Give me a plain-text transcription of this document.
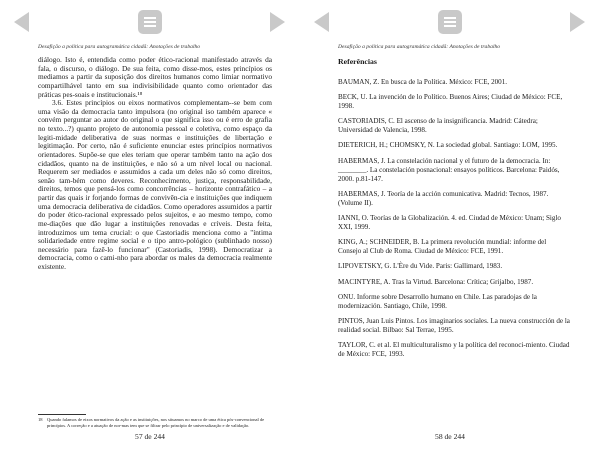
Desafição a política para autogramática cidadã: Anotações de trabalho

diálogo. Isto é, entendida como poder ético-racional manifestado através da fala, o discurso, o diálogo. De sua feita, como disse-mos, estes princípios os mediamos a partir da suposição dos direitos humanos como limiar normativo compartilhável tanto em sua indivisibilidade quanto como orientador das práticas pes-soais e institucionais.¹⁸

3.6. Estes princípios ou eixos normativos complementam--se bem com uma visão da democracia tanto impulsora (no original iso também aparece « convém perguntar ao autor do original o que significa isso ou é erro de grafia no texto...?) quanto projeto de autonomia pessoal e coletiva, como espaço da legiti-midade deliberativa de suas normas e instituições de libertação e legitimação. Por certo, não é suficiente enunciar estes princípios normativos orientadores. Supõe-se que eles teriam que operar também tanto na ação dos cidadãos, quanto na de instituições, e não só a um nível local ou nacional. Requerem ser mediados e assumidos a cada um deles não só como direitos, senão tam-bém como deveres. Reconhecimento, justiça, responsabilidade, direitos, temos que pensá-los como concorrências – horizonte contrafático – a partir das quais ir forjando formas de convivên-cia e instituições que indiquem uma democracia deliberativa de cidadãos. Como operadores assumidos a partir do poder ético-racional expressado pelos sujeitos, e ao mesmo tempo, como me-diações que dão lugar a instituições renovadas e críveis. Desta feita, introduzimos um tema crucial: o que Castoriadis menciona como a "íntima solidariedade entre regime social e o tipo antro-pológico (sublinhado nosso) necessário para fazê-lo funcionar" (Castoriadis, 1998). Democratizar a democracia, como o cami-nho para abordar os males da democracia realmente existente.

18 Quando falamos de eixos normativos da ação e as instituições, nos situamos no marco de uma ética pós-convencional de princípios. A correção e a atuação de nor-mas tem que se filtrar pelo princípio de universalização e de validação.
57 de 244
Desafição a política para autogramática cidadã: Anotações de trabalho
Referências
BAUMAN, Z. En busca de la Política. México: FCE, 2001.
BECK, U. La invención de lo Político. Buenos Aires; Ciudad de México: FCE, 1998.
CASTORIADIS, C. El ascenso de la insignificancia. Madrid: Cátedra; Universidad de Valencia, 1998.
DIETERICH, H.; CHOMSKY, N. La sociedad global. Santiago: LOM, 1995.
HABERMAS, J. La constelación nacional y el futuro de la democracia. In: ________. La constelación posnacional: ensayos políticos. Barcelona: Paidós, 2000. p.81-147.
HABERMAS, J. Teoría de la acción comunicativa. Madrid: Tecnos, 1987. (Volume II).
IANNI, O. Teorías de la Globalización. 4. ed. Ciudad de México: Unam; Siglo XXI, 1999.
KING, A.; SCHNEIDER, B. La primera revolución mundial: informe del Consejo al Club de Roma. Ciudad de México: FCE, 1991.
LIPOVETSKY, G. L'Ère du Vide. Paris: Gallimard, 1983.
MACINTYRE, A. Tras la Virtud. Barcelona: Crítica; Grijalbo, 1987.
ONU. Informe sobre Desarrollo humano en Chile. Las paradojas de la modernización. Santiago, Chile, 1998.
PINTOS, Juan Luis Pintos. Los imaginarios sociales. La nueva construcción de la realidad social. Bilbao: Sal Terrae, 1995.
TAYLOR, C. et al. El multiculturalismo y la política del reconoci-miento. Ciudad de México: FCE, 1993.
58 de 244
